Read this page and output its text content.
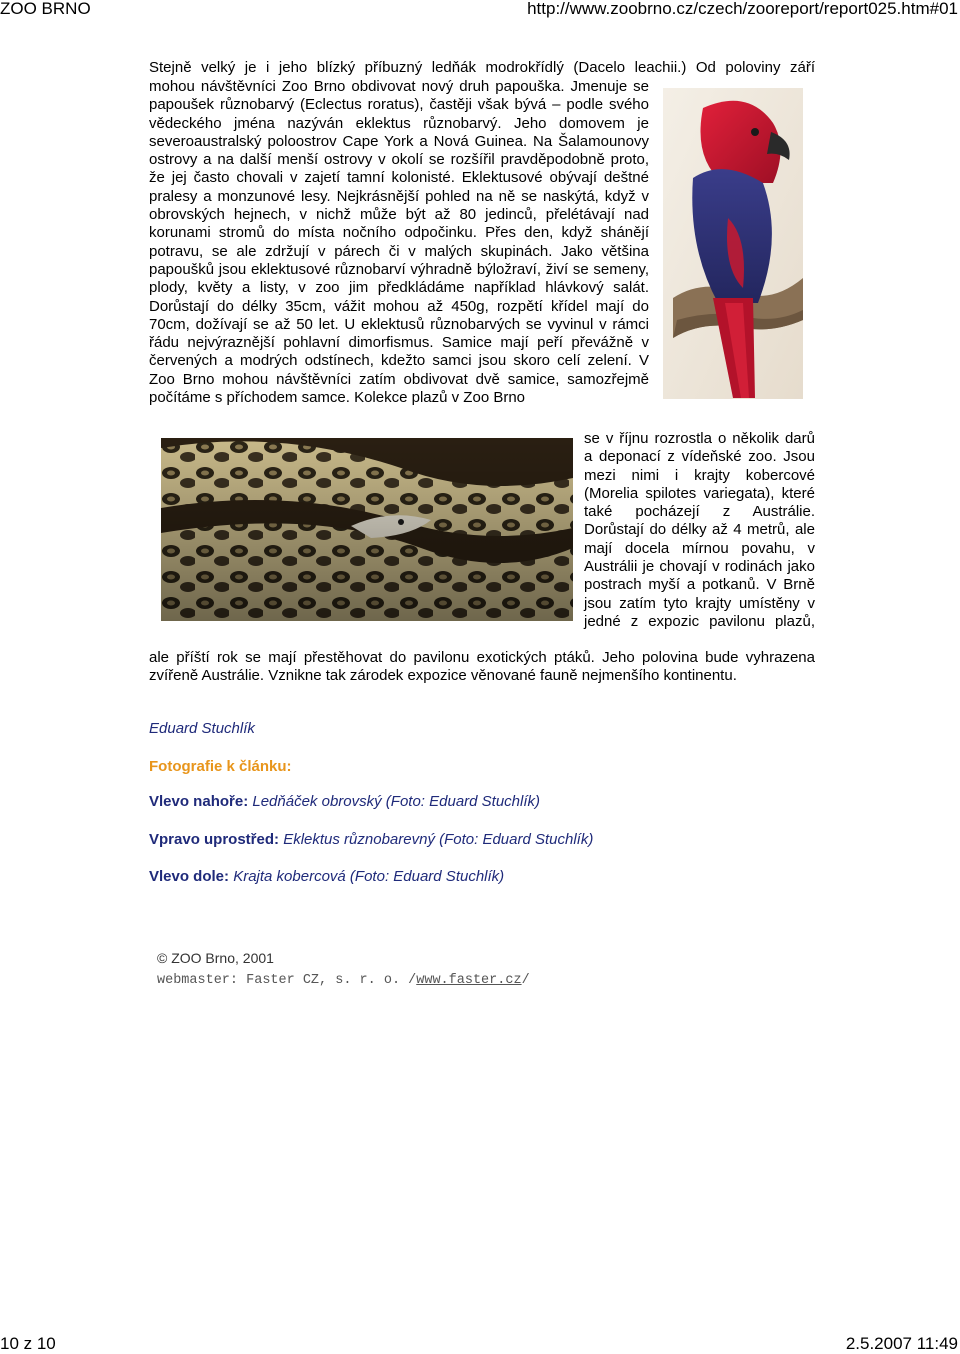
ZOO BRNO	http://www.zoobrno.cz/czech/zooreport/report025.htm#01

Stejně velký je i jeho blízký příbuzný ledňák modrokřídlý (Dacelo leachii.) Od poloviny září

mohou návštěvníci Zoo Brno obdivovat nový druh papouška. Jmenuje se papoušek různobarvý (Eclectus roratus), častěji však bývá – podle svého vědeckého jména nazýván eklektus různobarvý. Jeho domovem je severoaustralský poloostrov Cape York a Nová Guinea. Na Šalamounovy ostrovy a na další menší ostrovy v okolí se rozšířil pravděpodobně proto, že jej často chovali v zajetí tamní kolonisté. Eklektusové obývají deštné pralesy a monzunové lesy. Nejkrásnější pohled na ně se naskýtá, když v obrovských hejnech, v nichž může být až 80 jedinců, přelétávají nad korunami stromů do místa nočního odpočinku. Přes den, když shánějí potravu, se ale zdržují v párech či v malých skupinách. Jako většina papoušků jsou eklektusové různobarví výhradně býložraví, živí se semeny, plody, květy a listy, v zoo jim předkládáme například hlávkový salát. Dorůstají do délky 35cm, vážit mohou až 450g, rozpětí křídel mají do 70cm, dožívají se až 50 let. U eklektusů různobarvých se vyvinul v rámci řádu nejvýraznější pohlavní dimorfismus. Samice mají peří převážně v červených a modrých odstínech, kdežto samci jsou skoro celí zelení. V Zoo Brno mohou návštěvníci zatím obdivovat dvě samice, samozřejmě počítáme s příchodem samce. Kolekce plazů v Zoo Brno

se v říjnu rozrostla o několik darů a deponací z vídeňské zoo. Jsou mezi nimi i krajty kobercové (Morelia spilotes variegata), které také pocházejí z Austrálie. Dorůstají do délky až 4 metrů, ale mají docela mírnou povahu, v Austrálii je chovají v rodinách jako postrach myší a potkanů. V Brně jsou zatím tyto krajty umístěny v jedné z expozic pavilonu plazů,

ale příští rok se mají přestěhovat do pavilonu exotických ptáků. Jeho polovina bude vyhrazena zvířeně Austrálie. Vznikne tak zárodek expozice věnované fauně nejmenšího kontinentu.

Eduard Stuchlík
Fotografie k článku:
Vlevo nahoře: Ledňáček obrovský (Foto: Eduard Stuchlík)
Vpravo uprostřed: Eklektus různobarevný (Foto: Eduard Stuchlík)
Vlevo dole: Krajta kobercová (Foto: Eduard Stuchlík)
© ZOO Brno, 2001
webmaster: Faster CZ, s. r. o. /www.faster.cz/
10 z 10	2.5.2007 11:49
